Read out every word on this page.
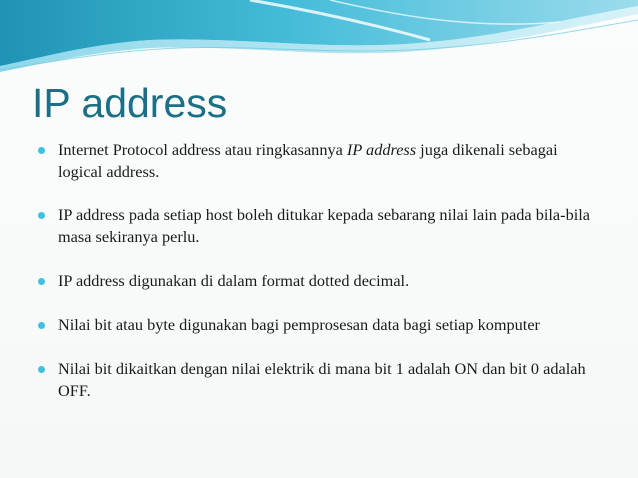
IP address
Internet Protocol address atau ringkasannya IP address juga dikenali sebagai logical address.
IP address pada setiap host boleh ditukar kepada sebarang nilai lain pada bila-bila masa sekiranya perlu.
IP address digunakan di dalam format dotted decimal.
Nilai bit atau byte digunakan bagi pemprosesan data bagi setiap komputer
Nilai bit dikaitkan dengan nilai elektrik di mana bit 1 adalah ON dan bit 0 adalah OFF.
